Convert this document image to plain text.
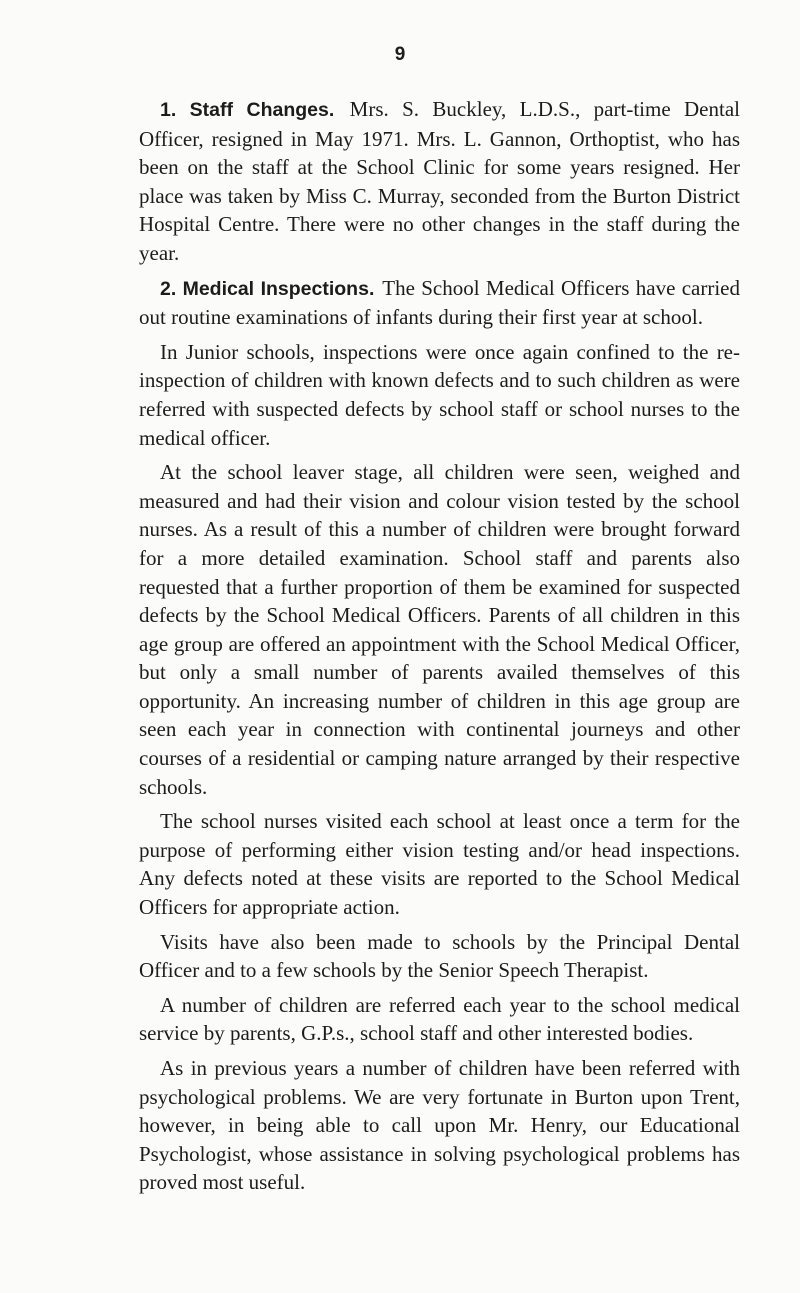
9

1. Staff Changes. Mrs. S. Buckley, L.D.S., part-time Dental Officer, resigned in May 1971. Mrs. L. Gannon, Orthoptist, who has been on the staff at the School Clinic for some years resigned. Her place was taken by Miss C. Murray, seconded from the Burton District Hospital Centre. There were no other changes in the staff during the year.

2. Medical Inspections. The School Medical Officers have carried out routine examinations of infants during their first year at school.

In Junior schools, inspections were once again confined to the re-inspection of children with known defects and to such children as were referred with suspected defects by school staff or school nurses to the medical officer.

At the school leaver stage, all children were seen, weighed and measured and had their vision and colour vision tested by the school nurses. As a result of this a number of children were brought forward for a more detailed examination. School staff and parents also requested that a further proportion of them be examined for suspected defects by the School Medical Officers. Parents of all children in this age group are offered an appointment with the School Medical Officer, but only a small number of parents availed themselves of this opportunity. An increasing number of children in this age group are seen each year in connection with continental journeys and other courses of a residential or camping nature arranged by their respective schools.

The school nurses visited each school at least once a term for the purpose of performing either vision testing and/or head inspections. Any defects noted at these visits are reported to the School Medical Officers for appropriate action.

Visits have also been made to schools by the Principal Dental Officer and to a few schools by the Senior Speech Therapist.

A number of children are referred each year to the school medical service by parents, G.P.s., school staff and other interested bodies.

As in previous years a number of children have been referred with psychological problems. We are very fortunate in Burton upon Trent, however, in being able to call upon Mr. Henry, our Educational Psychologist, whose assistance in solving psychological problems has proved most useful.
